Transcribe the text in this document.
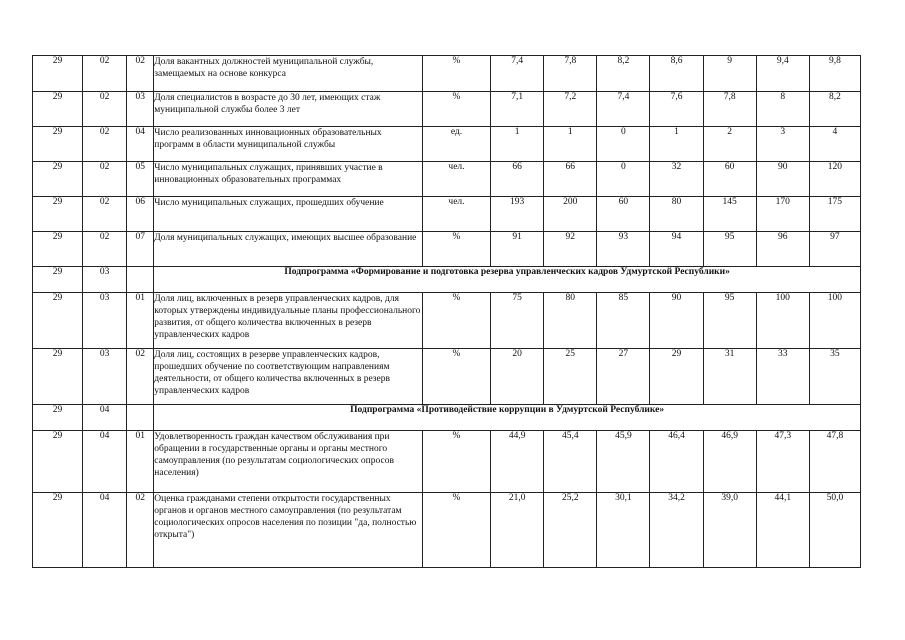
29	02	02	Доля вакантных должностей муниципальной службы, замещаемых на основе конкурса	%	7,4	7,8	8,2	8,6	9	9,4	9,8
29	02	03	Доля специалистов в возрасте до 30 лет, имеющих стаж муниципальной службы более 3 лет	%	7,1	7,2	7,4	7,6	7,8	8	8,2
29	02	04	Число реализованных инновационных образовательных программ в области муниципальной службы	ед.	1	1	0	1	2	3	4
29	02	05	Число муниципальных служащих, принявших участие в инновационных образовательных программах	чел.	66	66	0	32	60	90	120
29	02	06	Число муниципальных служащих, прошедших обучение	чел.	193	200	60	80	145	170	175
29	02	07	Доля муниципальных служащих, имеющих высшее образование	%	91	92	93	94	95	96	97
29	03		Подпрограмма «Формирование и подготовка резерва управленческих кадров Удмуртской Республики»								
29	03	01	Доля лиц, включенных в резерв управленческих кадров, для которых утверждены индивидуальные планы профессионального развития, от общего количества включенных в резерв управленческих кадров	%	75	80	85	90	95	100	100
29	03	02	Доля лиц, состоящих в резерве управленческих кадров, прошедших обучение по соответствующим направлениям деятельности, от общего количества включенных в резерв управленческих кадров	%	20	25	27	29	31	33	35
29	04		Подпрограмма «Противодействие коррупции в Удмуртской Республике»								
29	04	01	Удовлетворенность граждан качеством обслуживания при обращении в государственные органы и органы местного самоуправления (по результатам социологических опросов населения)	%	44,9	45,4	45,9	46,4	46,9	47,3	47,8
29	04	02	Оценка гражданами степени открытости государственных органов и органов местного самоуправления (по результатам социологических опросов населения по позиции "да, полностью открыта")	%	21,0	25,2	30,1	34,2	39,0	44,1	50,0
